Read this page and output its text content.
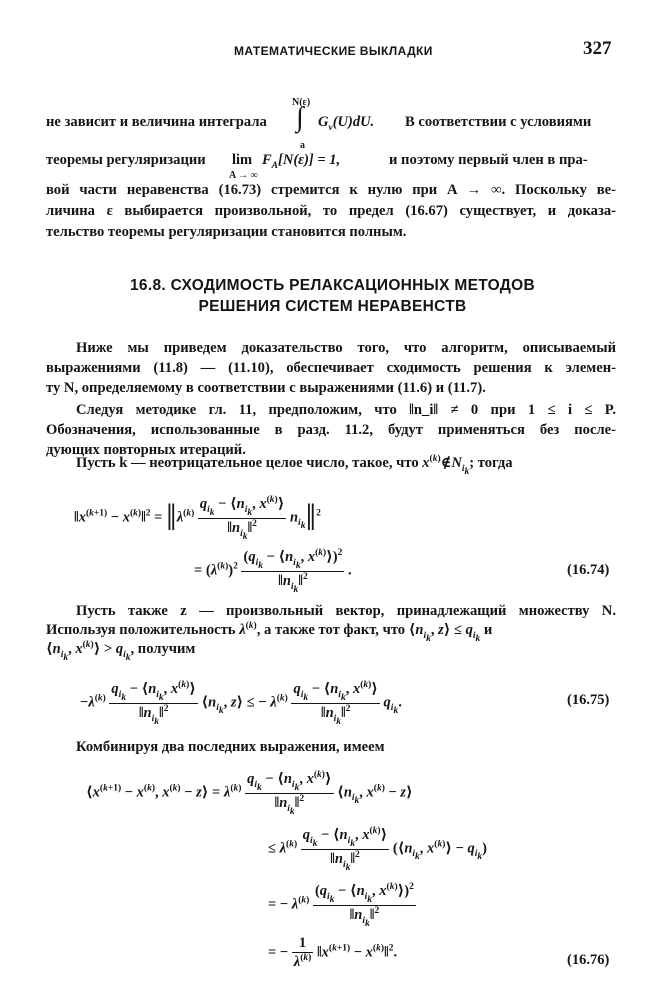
МАТЕМАТИЧЕСКИЕ ВЫКЛАДКИ	327
N(ε)
a
не зависит и величина интеграла ∫ $G_v(U)dU$. В соответствии с условиями
теоремы регуляризации lim
A → ∞
$F_A[N(\varepsilon)] = 1$,	и поэтому первый член в пра-
вой части неравенства (16.73) стремится к нулю при A → ∞. Поскольку ве-
личина ε выбирается произвольной, то предел (16.67) существует, и доказа-
тельство теоремы регуляризации становится полным.
16.8. СХОДИМОСТЬ РЕЛАКСАЦИОННЫХ МЕТОДОВ
РЕШЕНИЯ СИСТЕМ НЕРАВЕНСТВ
Ниже мы приведем доказательство того, что алгоритм, описываемый
выражениями (11.8) — (11.10), обеспечивает сходимость решения к элемен-
ту N, определяемому в соответствии с выражениями (11.6) и (11.7).
Следуя методике гл. 11, предположим, что ‖n_i‖ ≠ 0 при 1 ≤ i ≤ P.
Обозначения, использованные в разд. 11.2, будут применяться без после-
дующих повторных итераций.
Пусть k — неотрицательное целое число, такое, что $x^{(k)}\notin N_{i_k}$; тогда
$‖x^{(k+1)}$ − $x^{(k)}‖^2$ = $‖\lambda^{(k)} \frac{q_{i_k} - ⟨n_{i_k}, x^{(k)}⟩}{‖n_{i_k}‖^2}$ $n_{i_k}‖^2$
= $(\lambda^{(k)})^2 \frac{(q_{i_k} - ⟨n_{i_k}, x^{(k)}⟩)^2}{‖n_{i_k}‖^2}$ .	(16.74)
Пусть также z — произвольный вектор, принадлежащий множеству N.
Используя положительность $\lambda^{(k)}$, а также тот факт, что $⟨n_{i_k}$, z⟩ ≤ $q_{i_k}$ и
$⟨n_{i_k}$, $x^{(k)}⟩ > q_{i_k}$, получим
$-\lambda^{(k)} \frac{q_{i_k} - ⟨n_{i_k}, x^{(k)}⟩}{‖n_{i_k}‖^2}$ $⟨n_{i_k}$, z⟩ ≤ − $\lambda^{(k)} \frac{q_{i_k} - ⟨n_{i_k}, x^{(k)}⟩}{‖n_{i_k}‖^2} q_{i_k}$.	(16.75)
Комбинируя два последних выражения, имеем
$⟨x^{(k+1)} - x^{(k)}$, $x^{(k)}$ − z⟩ = $\lambda^{(k)} \frac{q_{i_k} - ⟨n_{i_k}, x^{(k)}⟩}{‖n_{i_k}‖^2}$ $⟨n_{i_k}$, $x^{(k)}$ − z⟩
≤ $\lambda^{(k)} \frac{q_{i_k} - ⟨n_{i_k}, x^{(k)}⟩}{‖n_{i_k}‖^2}$ ($⟨n_{i_k}$, $x^{(k)}⟩ - q_{i_k}$)
= − $\lambda^{(k)} \frac{(q_{i_k} - ⟨n_{i_k}, x^{(k)}⟩)^2}{‖n_{i_k}‖^2}$
= − $\frac{1}{\lambda^{(k)}}$ $‖x^{(k+1)}$ − $x^{(k)}‖^2$.	(16.76)
